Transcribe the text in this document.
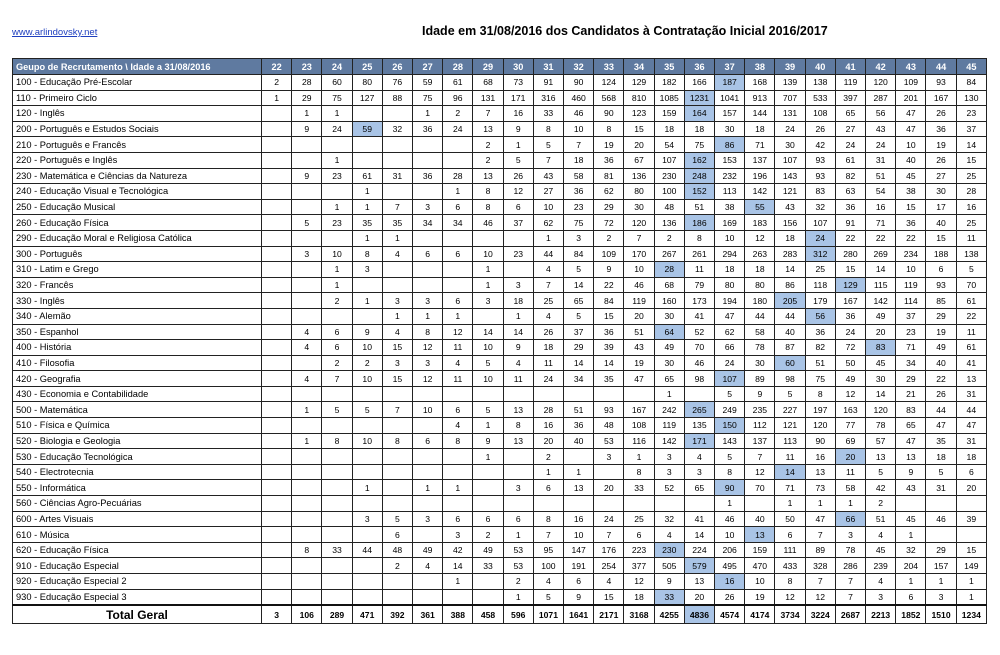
www.arlindovsky.net	Idade em 31/08/2016 dos Candidatos à Contratação Inicial 2016/2017
Geupo de Recrutamento \ Idade a 31/08/2016	22	23	24	25	26	27	28	29	30	31	32	33	34	35	36	37	38	39	40	41	42	43	44	45
100 - Educação Pré-Escolar	2	28	60	80	76	59	61	68	73	91	90	124	129	182	166	187	168	139	138	119	120	109	93	84
110 - Primeiro Ciclo	1	29	75	127	88	75	96	131	171	316	460	568	810	1085	1231	1041	913	707	533	397	287	201	167	130
120 - Inglês		1	1			1	2	7	16	33	46	90	123	159	164	157	144	131	108	65	56	47	26	23
200 - Português e Estudos Sociais		9	24	59	32	36	24	13	9	8	10	8	15	18	18	30	18	24	26	27	43	47	36	37
210 - Português e Francês								2	1	5	7	19	20	54	75	86	71	30	42	24	24	10	19	14
220 - Português e Inglês			1					2	5	7	18	36	67	107	162	153	137	107	93	61	31	40	26	15
230 - Matemática e Ciências da Natureza		9	23	61	31	36	28	13	26	43	58	81	136	230	248	232	196	143	93	82	51	45	27	25
240 - Educação Visual e Tecnológica				1			1	8	12	27	36	62	80	100	152	113	142	121	83	63	54	38	30	28
250 - Educação Musical			1	1	7	3	6	8	6	10	23	29	30	48	51	38	55	43	32	36	16	15	17	16
260 - Educação Física		5	23	35	35	34	34	46	37	62	75	72	120	136	186	169	183	156	107	91	71	36	40	25
290 - Educação Moral e Religiosa Católica				1	1					1	3	2	7	2	8	10	12	18	24	22	22	22	15	11
300 - Português		3	10	8	4	6	6	10	23	44	84	109	170	267	261	294	263	283	312	280	269	234	188	138
310 - Latim e Grego			1	3				1		4	5	9	10	28	11	18	18	14	25	15	14	10	6	5
320 - Francês			1					1	3	7	14	22	46	68	79	80	80	86	118	129	115	119	93	70
330 - Inglês			2	1	3	3	6	3	18	25	65	84	119	160	173	194	180	205	179	167	142	114	85	61
340 - Alemão					1	1	1		1	4	5	15	20	30	41	47	44	44	56	36	49	37	29	22
350 - Espanhol		4	6	9	4	8	12	14	14	26	37	36	51	64	52	62	58	40	36	24	20	23	19	11
400 - História		4	6	10	15	12	11	10	9	18	29	39	43	49	70	66	78	87	82	72	83	71	49	61
410 - Filosofia			2	2	3	3	4	5	4	11	14	14	19	30	46	24	30	60	51	50	45	34	40	41
420 - Geografia		4	7	10	15	12	11	10	11	24	34	35	47	65	98	107	89	98	75	49	30	29	22	13
430 - Economia e Contabilidade														1		5	9	5	8	12	14	21	26	31
500 - Matemática		1	5	5	7	10	6	5	13	28	51	93	167	242	265	249	235	227	197	163	120	83	44	44
510 - Física e Química							4	1	8	16	36	48	108	119	135	150	112	121	120	77	78	65	47	47
520 - Biologia e Geologia		1	8	10	8	6	8	9	13	20	40	53	116	142	171	143	137	113	90	69	57	47	35	31
530 - Educação Tecnológica								1		2		3	1	3	4	5	7	11	16	20	13	13	18	18
540 - Electrotecnia										1	1		8	3	3	8	12	14	13	11	5	9	5	6
550 - Informática				1		1	1		3	6	13	20	33	52	65	90	70	71	73	58	42	43	31	20
560 - Ciências Agro-Pecuárias																1		1	1	1	2			
600 - Artes Visuais				3	5	3	6	6	6	8	16	24	25	32	41	46	40	50	47	66	51	45	46	39
610 - Música					6		3	2	1	7	10	7	6	4	14	10	13	6	7	3	4	1		
620 - Educação Física		8	33	44	48	49	42	49	53	95	147	176	223	230	224	206	159	111	89	78	45	32	29	15
910 - Educação Especial					2	4	14	33	53	100	191	254	377	505	579	495	470	433	328	286	239	204	157	149
920 - Educação Especial 2							1		2	4	6	4	12	9	13	16	10	8	7	7	4	1	1	1
930 - Educação Especial 3									1	5	9	15	18	33	20	26	19	12	12	7	3	6	3	1
Total Geral	3	106	289	471	392	361	388	458	596	1071	1641	2171	3168	4255	4836	4574	4174	3734	3224	2687	2213	1852	1510	1234
